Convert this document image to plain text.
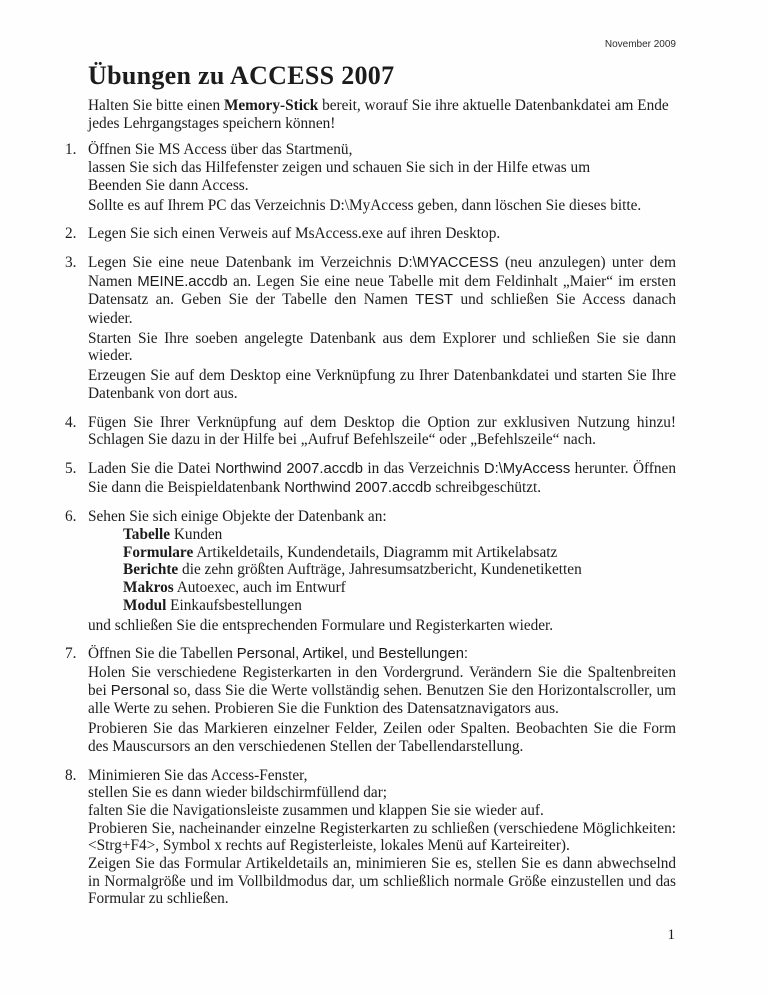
November 2009
Übungen zu ACCESS 2007

Halten Sie bitte einen Memory-Stick bereit, worauf Sie ihre aktuelle Datenbankdatei am Ende jedes Lehrgangstages speichern können!

1. Öffnen Sie MS Access über das Startmenü,
lassen Sie sich das Hilfefenster zeigen und schauen Sie sich in der Hilfe etwas um
Beenden Sie dann Access.

Sollte es auf Ihrem PC das Verzeichnis D:\MyAccess geben, dann löschen Sie dieses bitte.

2. Legen Sie sich einen Verweis auf MsAccess.exe auf ihren Desktop.

3. Legen Sie eine neue Datenbank im Verzeichnis D:\MYACCESS (neu anzulegen) unter dem Namen MEINE.accdb an. Legen Sie eine neue Tabelle mit dem Feldinhalt „Maier“ im ersten Datensatz an. Geben Sie der Tabelle den Namen TEST und schließen Sie Access danach wieder.

Starten Sie Ihre soeben angelegte Datenbank aus dem Explorer und schließen Sie sie dann wieder.

Erzeugen Sie auf dem Desktop eine Verknüpfung zu Ihrer Datenbankdatei und starten Sie Ihre Datenbank von dort aus.

4. Fügen Sie Ihrer Verknüpfung auf dem Desktop die Option zur exklusiven Nutzung hinzu! Schlagen Sie dazu in der Hilfe bei „Aufruf Befehlszeile“ oder „Befehlszeile“ nach.

5. Laden Sie die Datei Northwind 2007.accdb in das Verzeichnis D:\MyAccess herunter. Öffnen Sie dann die Beispieldatenbank Northwind 2007.accdb schreibgeschützt.

6. Sehen Sie sich einige Objekte der Datenbank an:

Tabelle Kunden

Formulare Artikeldetails, Kundendetails, Diagramm mit Artikelabsatz

Berichte die zehn größten Aufträge, Jahresumsatzbericht, Kundenetiketten

Makros Autoexec, auch im Entwurf

Modul Einkaufsbestellungen

und schließen Sie die entsprechenden Formulare und Registerkarten wieder.

7. Öffnen Sie die Tabellen Personal, Artikel, und Bestellungen:

Holen Sie verschiedene Registerkarten in den Vordergrund. Verändern Sie die Spaltenbreiten bei Personal so, dass Sie die Werte vollständig sehen. Benutzen Sie den Horizontalscroller, um alle Werte zu sehen. Probieren Sie die Funktion des Datensatznavigators aus.

Probieren Sie das Markieren einzelner Felder, Zeilen oder Spalten. Beobachten Sie die Form des Mauscursors an den verschiedenen Stellen der Tabellendarstellung.

8. Minimieren Sie das Access-Fenster,
stellen Sie es dann wieder bildschirmfüllend dar;
falten Sie die Navigationsleiste zusammen und klappen Sie sie wieder auf.

Probieren Sie, nacheinander einzelne Registerkarten zu schließen (verschiedene Möglichkeiten: <Strg+F4>, Symbol x rechts auf Registerleiste, lokales Menü auf Karteireiter).

Zeigen Sie das Formular Artikeldetails an, minimieren Sie es, stellen Sie es dann abwechselnd in Normalgröße und im Vollbildmodus dar, um schließlich normale Größe einzustellen und das Formular zu schließen.

1
